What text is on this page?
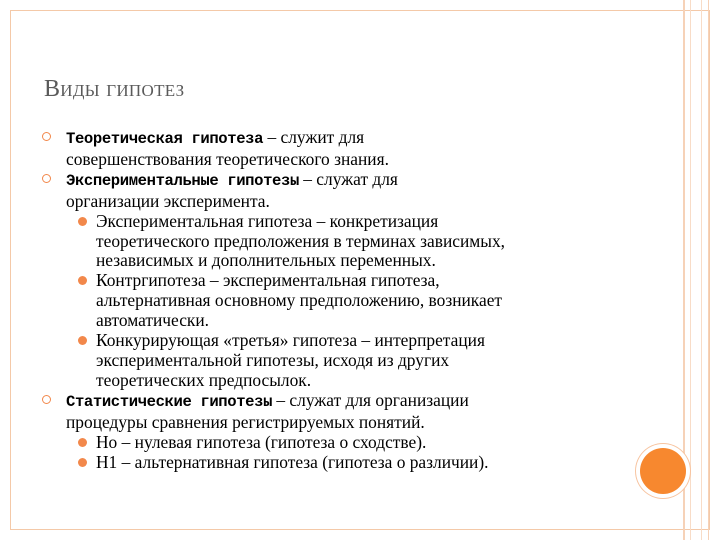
Виды гипотез
Теоретическая гипотеза – служит для
совершенствования теоретического знания.
Экспериментальные гипотезы – служат для
организации эксперимента.
Экспериментальная гипотеза – конкретизация
теоретического предположения в терминах зависимых,
независимых и дополнительных переменных.
Контргипотеза – экспериментальная гипотеза,
альтернативная основному предположению, возникает
автоматически.
Конкурирующая «третья» гипотеза – интерпретация
экспериментальной гипотезы, исходя из других
теоретических предпосылок.
Статистические гипотезы – служат для организации
процедуры сравнения регистрируемых понятий.
Но – нулевая гипотеза (гипотеза о сходстве).
Н1 – альтернативная гипотеза (гипотеза о различии).
